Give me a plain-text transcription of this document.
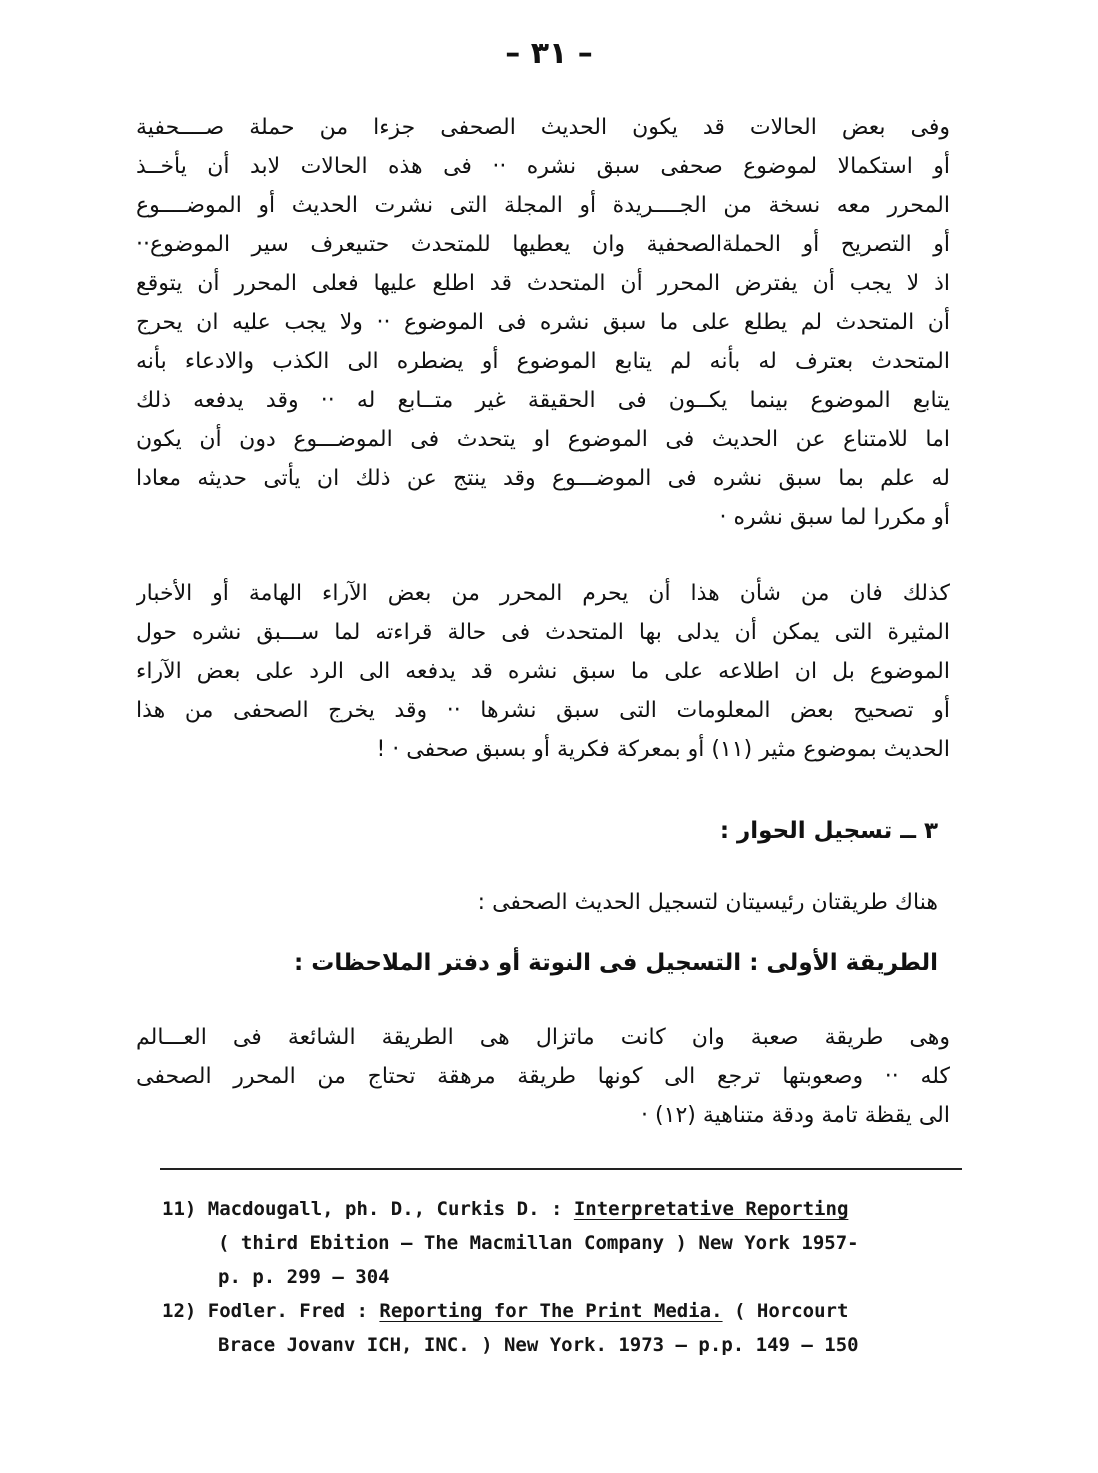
– ٣١ –
وفى بعض الحالات قد يكون الحديث الصحفى جزءا من حملة صــــحفية
أو استكمالا لموضوع صحفى سبق نشره ·· فى هذه الحالات لابد أن يأخــذ
المحرر معه نسخة من الجــــريدة أو المجلة التى نشرت الحديث أو الموضــــوع
أو التصريح أو الحملةالصحفية وان يعطيها للمتحدث حتىيعرف سير الموضوع··
اذ لا يجب أن يفترض المحرر أن المتحدث قد اطلع عليها فعلى المحرر أن يتوقع
أن المتحدث لم يطلع على ما سبق نشره فى الموضوع ·· ولا يجب عليه ان يحرج
المتحدث بعترف له بأنه لم يتابع الموضوع أو يضطره الى الكذب والادعاء بأنه
يتابع الموضوع بينما يكــون فى الحقيقة غير متــابع له ·· وقد يدفعه ذلك
اما للامتناع عن الحديث فى الموضوع او يتحدث فى الموضـــوع دون أن يكون
له علم بما سبق نشره فى الموضـــوع وقد ينتج عن ذلك ان يأتى حديثه معادا
أو مكررا لما سبق نشره ·
كذلك فان من شأن هذا أن يحرم المحرر من بعض الآراء الهامة أو الأخبار
المثيرة التى يمكن أن يدلى بها المتحدث فى حالة قراءته لما ســـبق نشره حول
الموضوع بل ان اطلاعه على ما سبق نشره قد يدفعه الى الرد على بعض الآراء
أو تصحيح بعض المعلومات التى سبق نشرها ·· وقد يخرج الصحفى من هذا
الحديث بموضوع مثير (١١) أو بمعركة فكرية أو بسبق صحفى · !
٣ ــ تسجيل الحوار :
هناك طريقتان رئيسيتان لتسجيل الحديث الصحفى :
الطريقة الأولى : التسجيل فى النوتة أو دفتر الملاحظات :
وهى طريقة صعبة وان كانت ماتزال هى الطريقة الشائعة فى العـــالم
كله ·· وصعوبتها ترجع الى كونها طريقة مرهقة تحتاج من المحرر الصحفى
الى يقظة تامة ودقة متناهية (١٢) ·
11) Macdougall, ph. D., Curkis D. : Interpretative Reporting
( third Ebition — The Macmillan Company ) New York 1957-
p. p. 299 — 304
12) Fodler. Fred : Reporting for The Print Media. ( Horcourt
Brace Jovanv ICH, INC. ) New York. 1973 — p.p. 149 — 150
